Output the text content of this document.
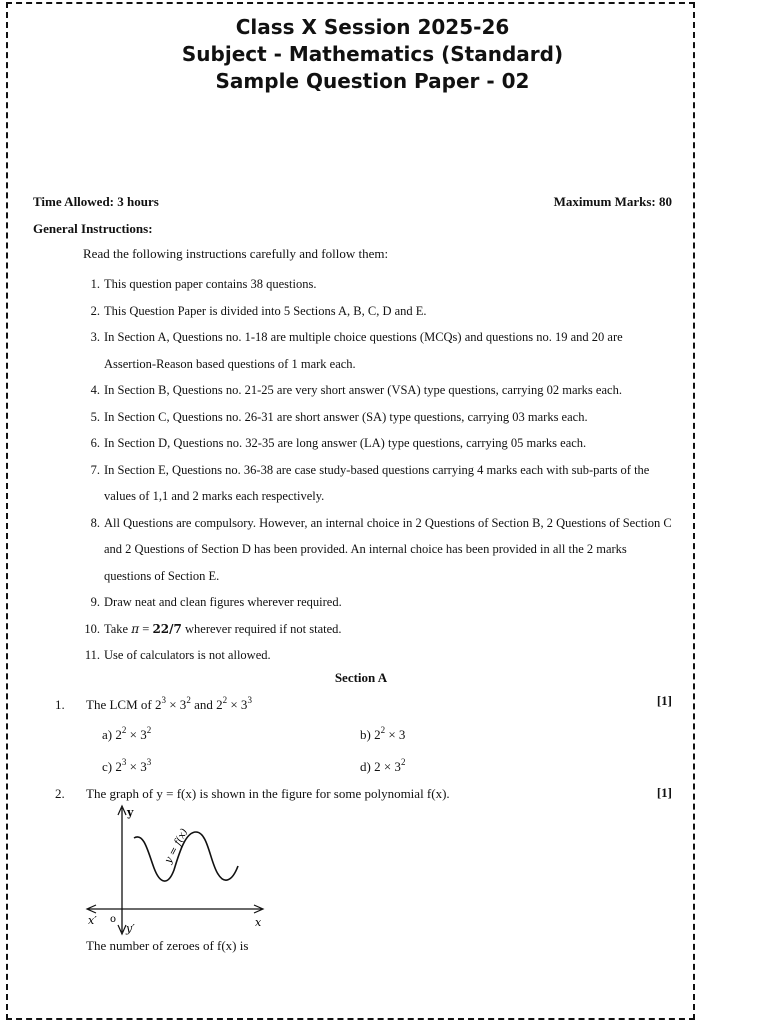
Class X Session 2025-26
Subject - Mathematics (Standard)
Sample Question Paper - 02
Time Allowed: 3 hours	Maximum Marks: 80
General Instructions:
Read the following instructions carefully and follow them:
1. This question paper contains 38 questions.
2. This Question Paper is divided into 5 Sections A, B, C, D and E.
3. In Section A, Questions no. 1-18 are multiple choice questions (MCQs) and questions no. 19 and 20 are Assertion-Reason based questions of 1 mark each.
4. In Section B, Questions no. 21-25 are very short answer (VSA) type questions, carrying 02 marks each.
5. In Section C, Questions no. 26-31 are short answer (SA) type questions, carrying 03 marks each.
6. In Section D, Questions no. 32-35 are long answer (LA) type questions, carrying 05 marks each.
7. In Section E, Questions no. 36-38 are case study-based questions carrying 4 marks each with sub-parts of the values of 1,1 and 2 marks each respectively.
8. All Questions are compulsory. However, an internal choice in 2 Questions of Section B, 2 Questions of Section C and 2 Questions of Section D has been provided. An internal choice has been provided in all the 2 marks questions of Section E.
9. Draw neat and clean figures wherever required.
10. Take π = 22/7 wherever required if not stated.
11. Use of calculators is not allowed.
Section A
1. The LCM of $2^3 \times 3^2$ and $2^2 \times 3^3$	[1]
a) $2^2 \times 3^2$	b) $2^2 \times 3$
c) $2^3 \times 3^3$	d) $2 \times 3^2$
2. The graph of y = f(x) is shown in the figure for some polynomial f(x).	[1]
y
x
x′
y′
o
y = f(x)
The number of zeroes of f(x) is
